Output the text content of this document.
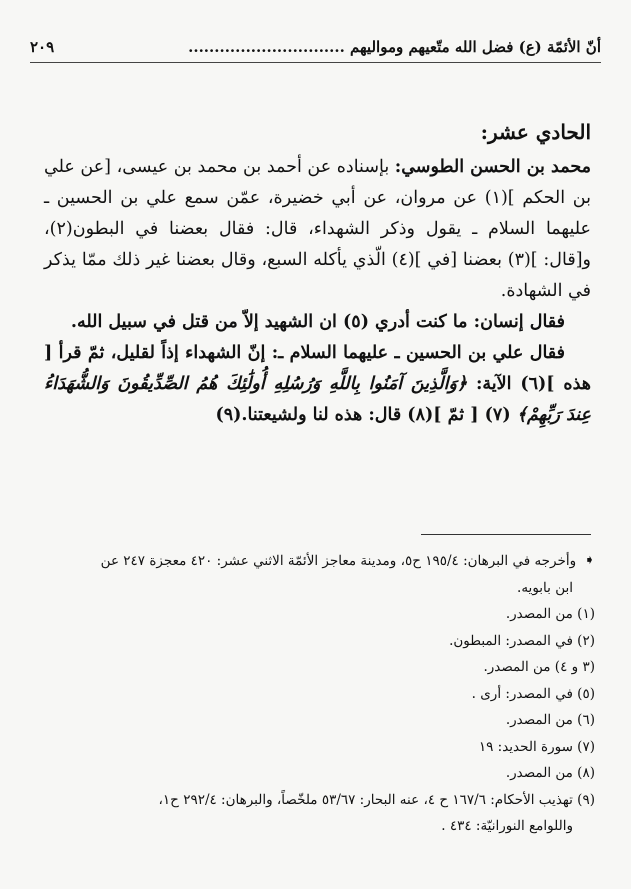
أنّ الأئمّة (ع) فضل الله متّعيهم ومواليهم ..............................
٢٠٩

الحادي عشر:

محمد بن الحسن الطوسي: بإسناده عن أحمد بن محمد بن عيسى، [عن علي بن الحكم ](١) عن مروان، عن أبي خضيرة، عمّن سمع علي بن الحسين ـ عليهما السلام ـ يقول وذكر الشهداء، قال: فقال بعضنا في البطون(٢)، و[قال: ](٣) بعضنا [في ](٤) الّذي يأكله السبع، وقال بعضنا غير ذلك ممّا يذكر في الشهادة.

فقال إنسان: ما كنت أدري (٥) ان الشهيد إلاّ من قتل في سبيل الله.

فقال علي بن الحسين ـ عليهما السلام ـ: إنّ الشهداء إذاً لقليل، ثمّ قرأ [ هذه ](٦) الآية: ﴿وَالَّذِينَ آمَنُوا بِاللَّهِ وَرُسُلِهِ أُولَٰئِكَ هُمُ الصِّدِّيقُونَ وَالشُّهَدَاءُ عِندَ رَبِّهِمْ﴾ (٧) [ ثمّ ](٨) قال: هذه لنا ولشيعتنا.(٩)

➧
وأخرجه في البرهان: ١٩٥/٤ ح٥، ومدينة معاجز الأئمّة الاثني عشر: ٤٢٠ معجزة ٢٤٧ عن

ابن بابويه.

(١) من المصدر.

(٢) في المصدر: المبطون.

(٣ و ٤) من المصدر.

(٥) في المصدر: أرى .

(٦) من المصدر.

(٧) سورة الحديد: ١٩

(٨) من المصدر.

(٩) تهذيب الأحكام: ١٦٧/٦ ح ٤، عنه البحار: ٥٣/٦٧ ملخّصاً، والبرهان: ٢٩٢/٤ ح١،

واللوامع النورانيّة: ٤٣٤ .
